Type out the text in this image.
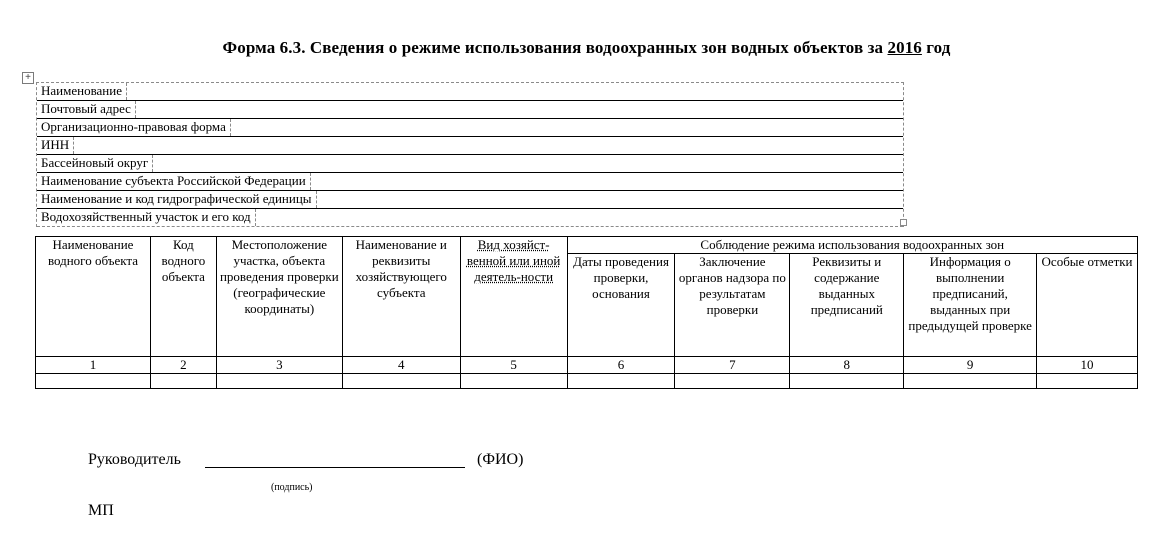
Форма 6.3. Сведения о режиме использования водоохранных зон водных объектов за 2016 год
+
Наименование
Почтовый адрес
Организационно-правовая форма
ИНН
Бассейновый округ
Наименование субъекта Российской Федерации
Наименование и код гидрографической единицы
Водохозяйственный участок и его код
Наименование водного объекта	Код водного объекта	Местоположение участка, объекта проведения проверки (географические координаты)	Наименование и реквизиты хозяйствующего субъекта	Вид хозяйст-венной или иной деятель-ности	Соблюдение режима использования водоохранных зон				
					Даты проведения проверки, основания	Заключение органов надзора по результатам проверки	Реквизиты и содержание выданных предписаний	Информация о выполнении предписаний, выданных при предыдущей проверке	Особые отметки
1	2	3	4	5	6	7	8	9	10

Руководитель	(ФИО)
(подпись)
МП
